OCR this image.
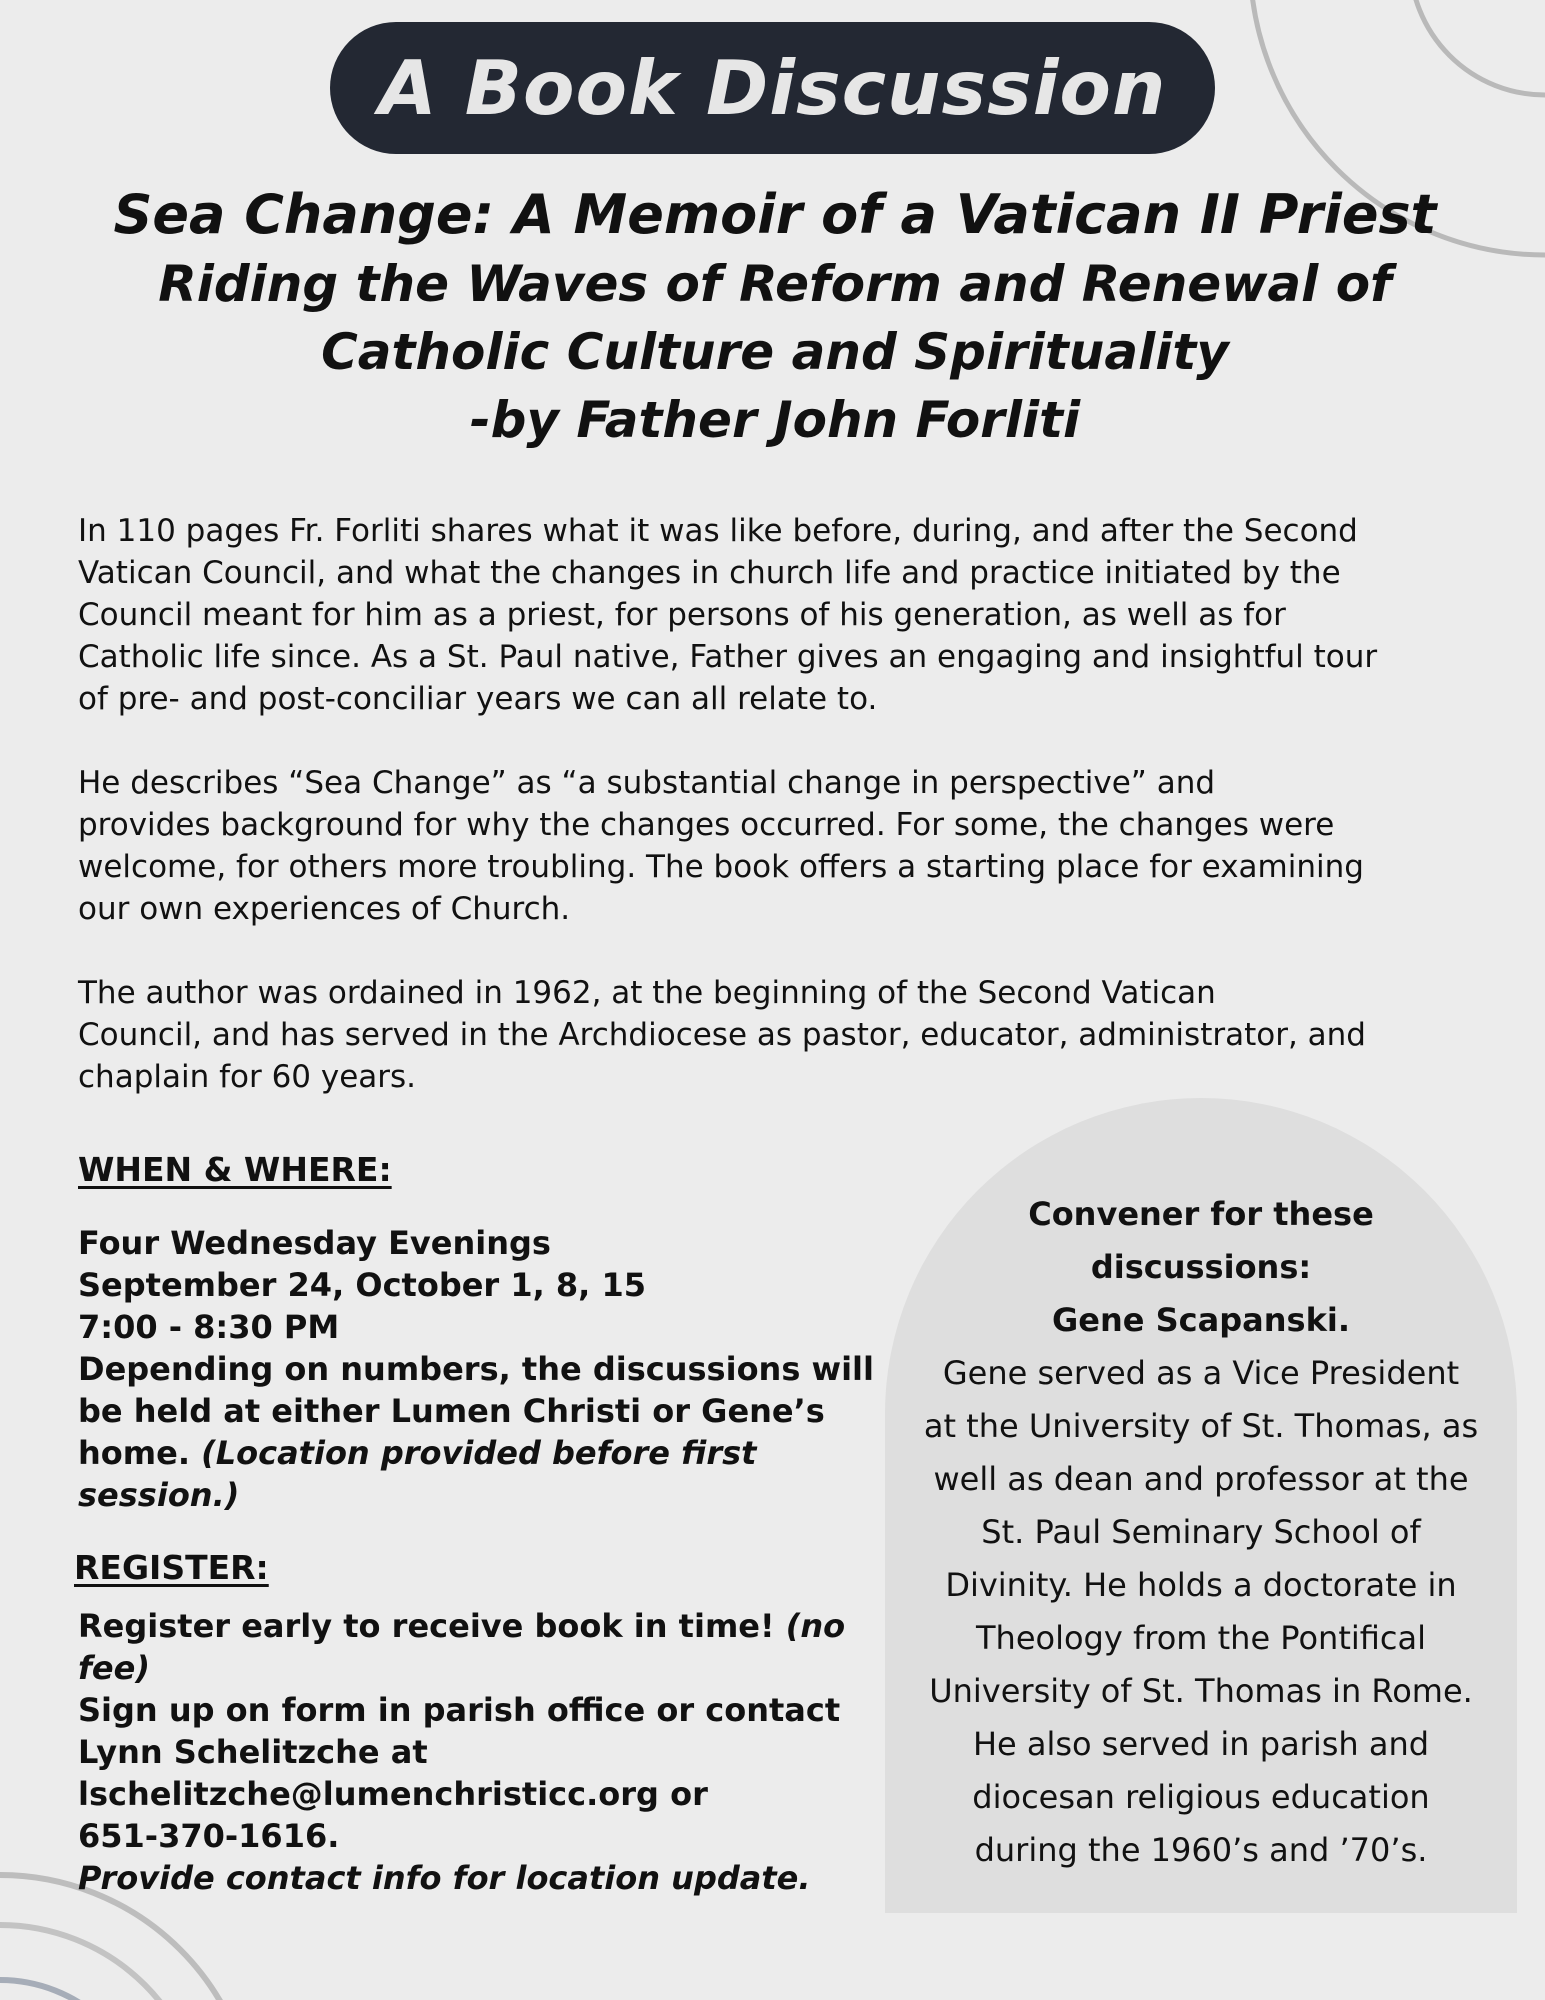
A Book Discussion
Sea Change: A Memoir of a Vatican II Priest
Riding the Waves of Reform and Renewal of
Catholic Culture and Spirituality
-by Father John Forliti

In 110 pages Fr. Forliti shares what it was like before, during, and after the Second
Vatican Council, and what the changes in church life and practice initiated by the
Council meant for him as a priest, for persons of his generation, as well as for
Catholic life since. As a St. Paul native, Father gives an engaging and insightful tour
of pre- and post-conciliar years we can all relate to.

He describes “Sea Change” as “a substantial change in perspective” and
provides background for why the changes occurred. For some, the changes were
welcome, for others more troubling. The book offers a starting place for examining
our own experiences of Church.

The author was ordained in 1962, at the beginning of the Second Vatican
Council, and has served in the Archdiocese as pastor, educator, administrator, and
chaplain for 60 years.

WHEN & WHERE:

Four Wednesday Evenings
September 24, October 1, 8, 15
7:00 - 8:30 PM
Depending on numbers, the discussions will
be held at either Lumen Christi or Gene’s
home. (Location provided before first
session.)

REGISTER:

Register early to receive book in time! (no fee)
Sign up on form in parish office or contact
Lynn Schelitzche at
lschelitzche@lumenchristicc.org or
651-370-1616.
Provide contact info for location update.

Convener for these
discussions:
Gene Scapanski.
Gene served as a Vice President
at the University of St. Thomas, as
well as dean and professor at the
St. Paul Seminary School of
Divinity. He holds a doctorate in
Theology from the Pontifical
University of St. Thomas in Rome.
He also served in parish and
diocesan religious education
during the 1960’s and ’70’s.
